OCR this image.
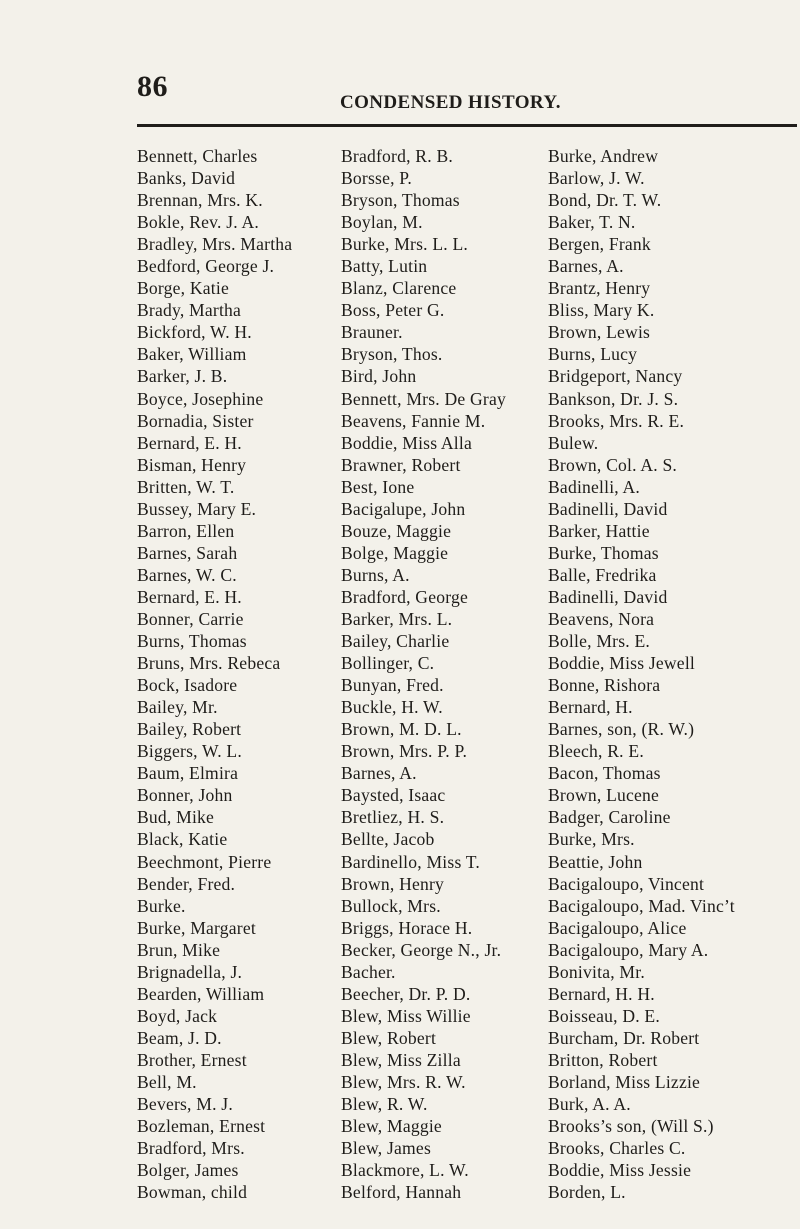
86	CONDENSED HISTORY.
Bennett, Charles
Banks, David
Brennan, Mrs. K.
Bokle, Rev. J. A.
Bradley, Mrs. Martha
Bedford, George J.
Borge, Katie
Brady, Martha
Bickford, W. H.
Baker, William
Barker, J. B.
Boyce, Josephine
Bornadia, Sister
Bernard, E. H.
Bisman, Henry
Britten, W. T.
Bussey, Mary E.
Barron, Ellen
Barnes, Sarah
Barnes, W. C.
Bernard, E. H.
Bonner, Carrie
Burns, Thomas
Bruns, Mrs. Rebeca
Bock, Isadore
Bailey, Mr.
Bailey, Robert
Biggers, W. L.
Baum, Elmira
Bonner, John
Bud, Mike
Black, Katie
Beechmont, Pierre
Bender, Fred.
Burke.
Burke, Margaret
Brun, Mike
Brignadella, J.
Bearden, William
Boyd, Jack
Beam, J. D.
Brother, Ernest
Bell, M.
Bevers, M. J.
Bozleman, Ernest
Bradford, Mrs.
Bolger, James
Bowman, child
Bradford, R. B.
Borsse, P.
Bryson, Thomas
Boylan, M.
Burke, Mrs. L. L.
Batty, Lutin
Blanz, Clarence
Boss, Peter G.
Brauner.
Bryson, Thos.
Bird, John
Bennett, Mrs. De Gray
Beavens, Fannie M.
Boddie, Miss Alla
Brawner, Robert
Best, Ione
Bacigalupe, John
Bouze, Maggie
Bolge, Maggie
Burns, A.
Bradford, George
Barker, Mrs. L.
Bailey, Charlie
Bollinger, C.
Bunyan, Fred.
Buckle, H. W.
Brown, M. D. L.
Brown, Mrs. P. P.
Barnes, A.
Baysted, Isaac
Bretliez, H. S.
Bellte, Jacob
Bardinello, Miss T.
Brown, Henry
Bullock, Mrs.
Briggs, Horace H.
Becker, George N., Jr.
Bacher.
Beecher, Dr. P. D.
Blew, Miss Willie
Blew, Robert
Blew, Miss Zilla
Blew, Mrs. R. W.
Blew, R. W.
Blew, Maggie
Blew, James
Blackmore, L. W.
Belford, Hannah
Burke, Andrew
Barlow, J. W.
Bond, Dr. T. W.
Baker, T. N.
Bergen, Frank
Barnes, A.
Brantz, Henry
Bliss, Mary K.
Brown, Lewis
Burns, Lucy
Bridgeport, Nancy
Bankson, Dr. J. S.
Brooks, Mrs. R. E.
Bulew.
Brown, Col. A. S.
Badinelli, A.
Badinelli, David
Barker, Hattie
Burke, Thomas
Balle, Fredrika
Badinelli, David
Beavens, Nora
Bolle, Mrs. E.
Boddie, Miss Jewell
Bonne, Rishora
Bernard, H.
Barnes, son, (R. W.)
Bleech, R. E.
Bacon, Thomas
Brown, Lucene
Badger, Caroline
Burke, Mrs.
Beattie, John
Bacigaloupo, Vincent
Bacigaloupo, Mad. Vinc’t
Bacigaloupo, Alice
Bacigaloupo, Mary A.
Bonivita, Mr.
Bernard, H. H.
Boisseau, D. E.
Burcham, Dr. Robert
Britton, Robert
Borland, Miss Lizzie
Burk, A. A.
Brooks’s son, (Will S.)
Brooks, Charles C.
Boddie, Miss Jessie
Borden, L.
